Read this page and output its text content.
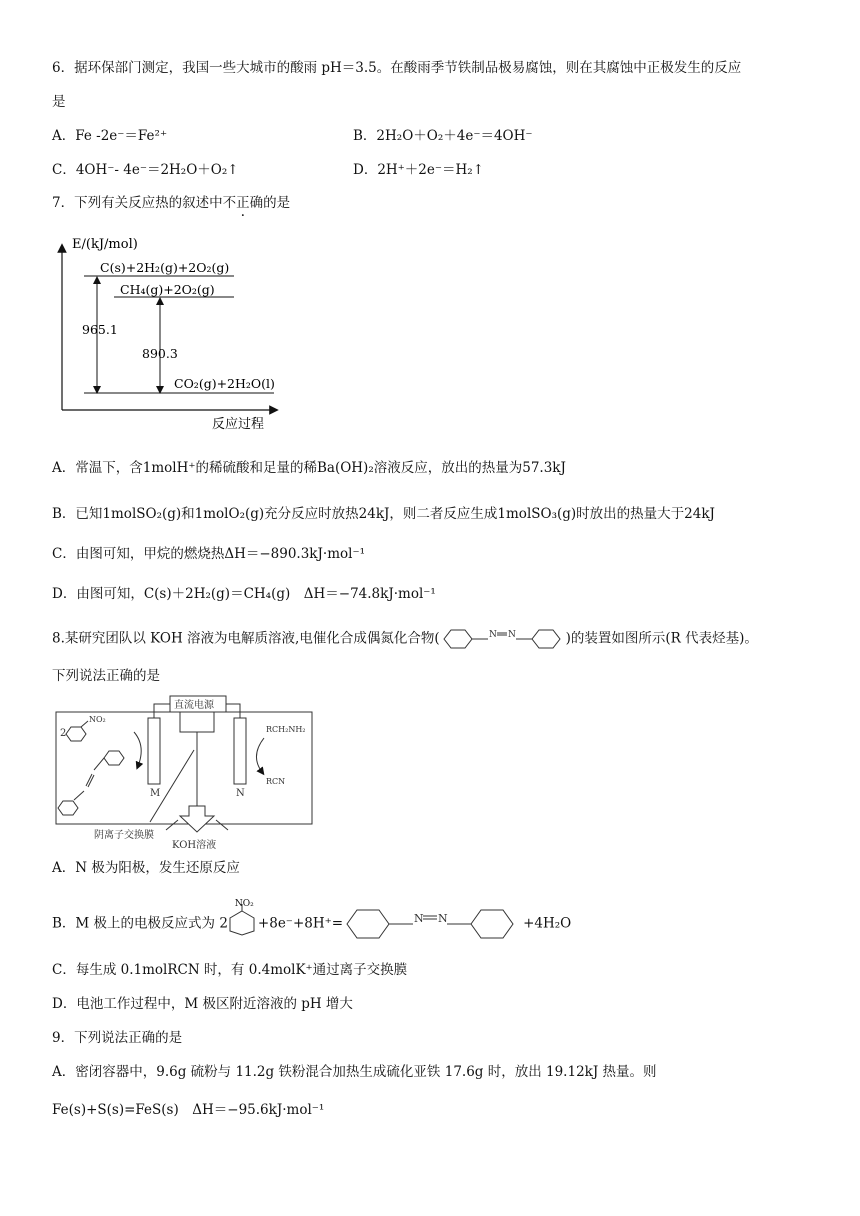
6．据环保部门测定，我国一些大城市的酸雨 pH＝3.5。在酸雨季节铁制品极易腐蚀，则在其腐蚀中正极发生的反应
是
A．Fe -2e⁻＝Fe²⁺	B．2H₂O＋O₂＋4e⁻＝4OH⁻
C．4OH⁻- 4e⁻＝2H₂O＋O₂↑	D．2H⁺＋2e⁻＝H₂↑
7．下列有关反应热的叙述中不正确的是
E/(kJ/mol)
反应过程
C(s)+2H₂(g)+2O₂(g)
CH₄(g)+2O₂(g)
CO₂(g)+2H₂O(l)
965.1
890.3
A．常温下，含1molH⁺的稀硫酸和足量的稀Ba(OH)₂溶液反应，放出的热量为57.3kJ
B．已知1molSO₂(g)和1molO₂(g)充分反应时放热24kJ，则二者反应生成1molSO₃(g)时放出的热量大于24kJ
C．由图可知，甲烷的燃烧热ΔH＝−890.3kJ·mol⁻¹
D．由图可知，C(s)＋2H₂(g)＝CH₄(g)　ΔH＝−74.8kJ·mol⁻¹
8.某研究团队以 KOH 溶液为电解质溶液,电催化合成偶氮化合物(	N N	)的装置如图所示(R 代表烃基)。
下列说法正确的是
直流电源
M	N
阴离子交换膜
KOH溶液
2
NO₂
RCH₂NH₂
RCN
A．N 极为阳极，发生还原反应
B．M 极上的电极反应式为 2
NO₂
+8e⁻+8H⁺=	N N	+4H₂O
C．每生成 0.1molRCN 时，有 0.4molK⁺通过离子交换膜
D．电池工作过程中，M 极区附近溶液的 pH 增大
9．下列说法正确的是
A．密闭容器中，9.6g 硫粉与 11.2g 铁粉混合加热生成硫化亚铁 17.6g 时，放出 19.12kJ 热量。则
Fe(s)+S(s)=FeS(s)　ΔH＝−95.6kJ·mol⁻¹
